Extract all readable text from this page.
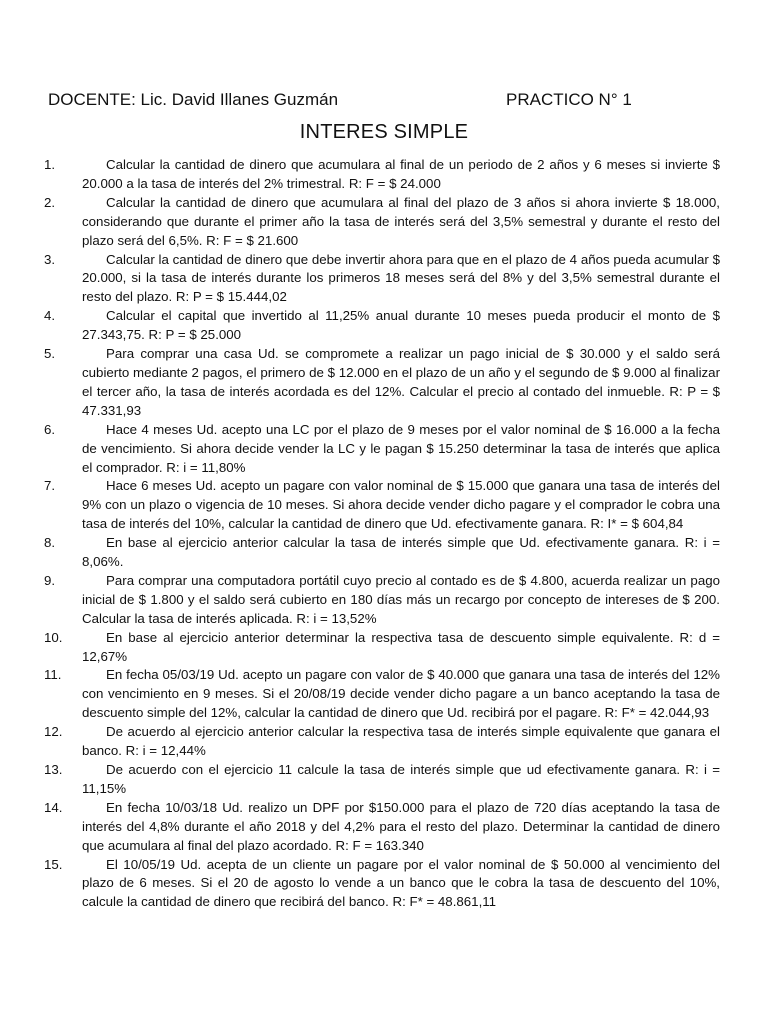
DOCENTE: Lic. David Illanes Guzmán	PRACTICO N° 1
INTERES SIMPLE
1.	Calcular la cantidad de dinero que acumulara al final de un periodo de 2 años y 6 meses si invierte $ 20.000 a la tasa de interés del 2% trimestral. R: F = $ 24.000
2.	Calcular la cantidad de dinero que acumulara al final del plazo de 3 años si ahora invierte $ 18.000, considerando que durante el primer año la tasa de interés será del 3,5% semestral y durante el resto del plazo será del 6,5%. R: F = $ 21.600
3.	Calcular la cantidad de dinero que debe invertir ahora para que en el plazo de 4 años pueda acumular $ 20.000, si la tasa de interés durante los primeros 18 meses será del 8% y del 3,5% semestral durante el resto del plazo. R: P = $ 15.444,02
4.	Calcular el capital que invertido al 11,25% anual durante 10 meses pueda producir el monto de $ 27.343,75. R: P = $ 25.000
5.	Para comprar una casa Ud. se compromete a realizar un pago inicial de $ 30.000 y el saldo será cubierto mediante 2 pagos, el primero de $ 12.000 en el plazo de un año y el segundo de $ 9.000 al finalizar el tercer año, la tasa de interés acordada es del 12%. Calcular el precio al contado del inmueble. R: P = $ 47.331,93
6.	Hace 4 meses Ud. acepto una LC por el plazo de 9 meses por el valor nominal de $ 16.000 a la fecha de vencimiento. Si ahora decide vender la LC y le pagan $ 15.250 determinar la tasa de interés que aplica el comprador. R: i = 11,80%
7.	Hace 6 meses Ud. acepto un pagare con valor nominal de $ 15.000 que ganara una tasa de interés del 9% con un plazo o vigencia de 10 meses. Si ahora decide vender dicho pagare y el comprador le cobra una tasa de interés del 10%, calcular la cantidad de dinero que Ud. efectivamente ganara. R: I* = $ 604,84
8.	En base al ejercicio anterior calcular la tasa de interés simple que Ud. efectivamente ganara. R: i = 8,06%.
9.	Para comprar una computadora portátil cuyo precio al contado es de $ 4.800, acuerda realizar un pago inicial de $ 1.800 y el saldo será cubierto en 180 días más un recargo por concepto de intereses de $ 200. Calcular la tasa de interés aplicada. R: i = 13,52%
10.	En base al ejercicio anterior determinar la respectiva tasa de descuento simple equivalente. R: d = 12,67%
11.	En fecha 05/03/19 Ud. acepto un pagare con valor de $ 40.000 que ganara una tasa de interés del 12% con vencimiento en 9 meses. Si el 20/08/19 decide vender dicho pagare a un banco aceptando la tasa de descuento simple del 12%, calcular la cantidad de dinero que Ud. recibirá por el pagare. R: F* = 42.044,93
12.	De acuerdo al ejercicio anterior calcular la respectiva tasa de interés simple equivalente que ganara el banco. R: i = 12,44%
13.	De acuerdo con el ejercicio 11 calcule la tasa de interés simple que ud efectivamente ganara. R: i = 11,15%
14.	En fecha 10/03/18 Ud. realizo un DPF por $150.000 para el plazo de 720 días aceptando la tasa de interés del 4,8% durante el año 2018 y del 4,2% para el resto del plazo. Determinar la cantidad de dinero que acumulara al final del plazo acordado. R: F = 163.340
15.	El 10/05/19 Ud. acepta de un cliente un pagare por el valor nominal de $ 50.000 al vencimiento del plazo de 6 meses. Si el 20 de agosto lo vende a un banco que le cobra la tasa de descuento del 10%, calcule la cantidad de dinero que recibirá del banco. R: F* = 48.861,11
